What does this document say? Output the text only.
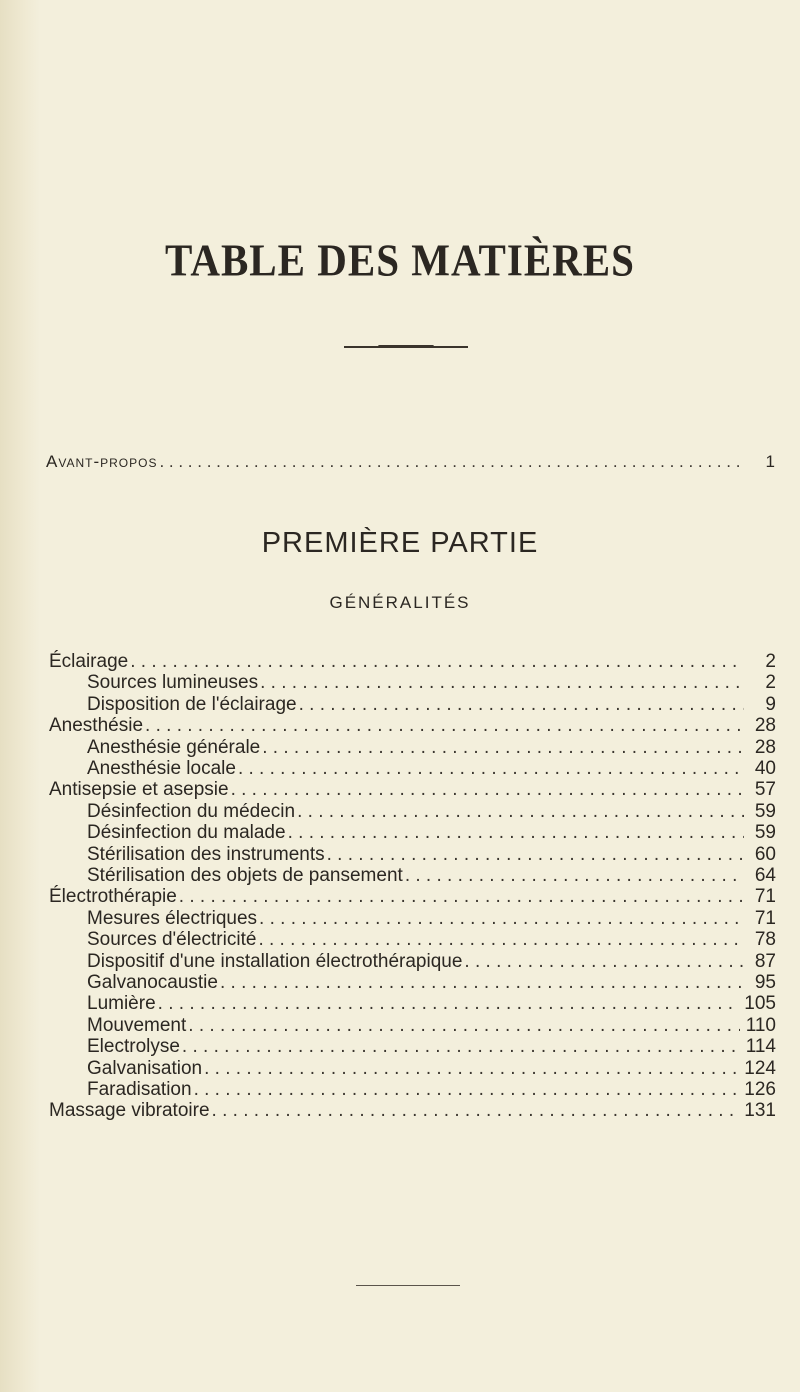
TABLE DES MATIÈRES
Avant-propos . . .	1
PREMIÈRE PARTIE
GÉNÉRALITÉS
Éclairage . . .	2
Sources lumineuses . . .	2
Disposition de l'éclairage . . .	9
Anesthésie . . .	28
Anesthésie générale . . .	28
Anesthésie locale . . .	40
Antisepsie et asepsie . . .	57
Désinfection du médecin . . .	59
Désinfection du malade . . .	59
Stérilisation des instruments . . .	60
Stérilisation des objets de pansement . . .	64
Électrothérapie . . .	71
Mesures électriques . . .	71
Sources d'électricité . . .	78
Dispositif d'une installation électrothérapique . . .	87
Galvanocaustie . . .	95
Lumière . . .	105
Mouvement . . .	110
Electrolyse . . .	114
Galvanisation . . .	124
Faradisation . . .	126
Massage vibratoire . . .	131
